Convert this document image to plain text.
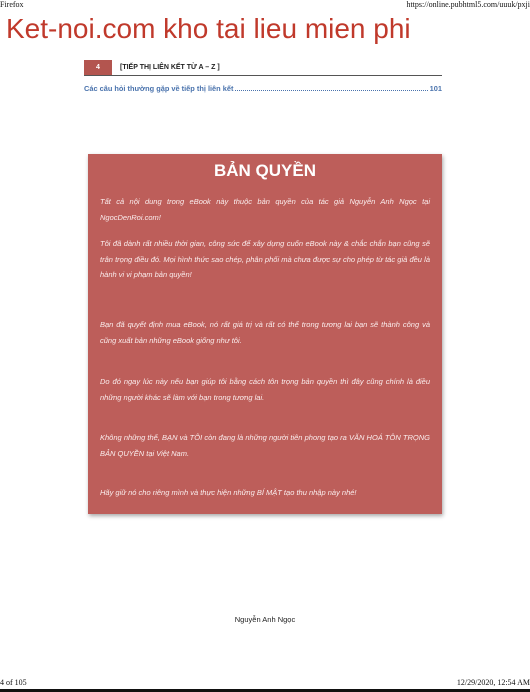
Firefox	https://online.pubhtml5.com/uuuk/pxji
Ket-noi.com kho tai lieu mien phi
4	[TIẾP THỊ LIÊN KẾT TỪ A – Z ]
Các câu hỏi thường gặp về tiếp thị liên kết	101
BẢN QUYỀN

Tất cả nội dung trong eBook này thuộc bản quyền của tác giả Nguyễn Anh Ngọc tại NgocDenRoi.com!

Tôi đã dành rất nhiều thời gian, công sức để xây dựng cuốn eBook này & chắc chắn bạn cũng sẽ trân trọng điều đó. Mọi hình thức sao chép, phân phối mà chưa được sự cho phép từ tác giả đều là hành vi vi phạm bản quyền!

Bạn đã quyết định mua eBook, nó rất giá trị và rất có thể trong tương lai bạn sẽ thành công và cũng xuất bản những eBook giống như tôi.

Do đó ngay lúc này nếu bạn giúp tôi bằng cách tôn trọng bản quyền thì đây cũng chính là điều những người khác sẽ làm với bạn trong tương lai.

Không những thế, BẠN và TÔI còn đang là những người tiên phong tạo ra VĂN HOÁ TÔN TRỌNG BẢN QUYỀN tại Việt Nam.

Hãy giữ nó cho riêng mình và thực hiện những BÍ MẬT tạo thu nhập này nhé!

Nguyễn Anh Ngọc
4 of 105	12/29/2020, 12:54 AM
